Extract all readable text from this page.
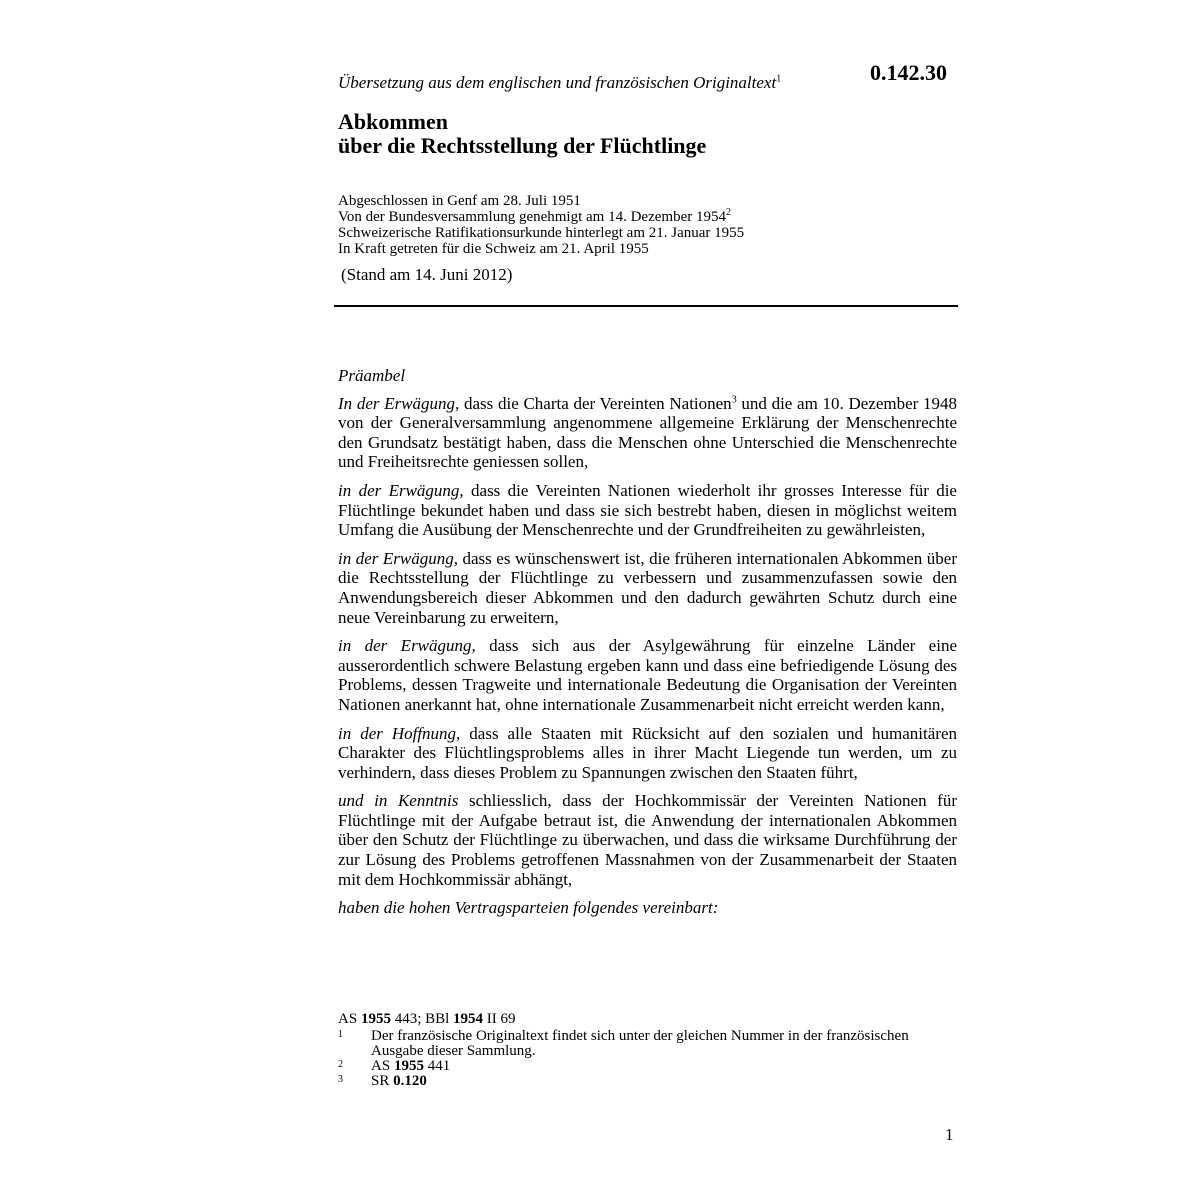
Übersetzung aus dem englischen und französischen Originaltext$^1$	0.142.30
Abkommen
über die Rechtsstellung der Flüchtlinge
Abgeschlossen in Genf am 28. Juli 1951
Von der Bundesversammlung genehmigt am 14. Dezember 1954$^2$
Schweizerische Ratifikationsurkunde hinterlegt am 21. Januar 1955
In Kraft getreten für die Schweiz am 21. April 1955
(Stand am 14. Juni 2012)

Präambel

In der Erwägung, dass die Charta der Vereinten Nationen$^3$ und die am 10. Dezember 1948 von der Generalversammlung angenommene allgemeine Erklärung der Menschenrechte den Grundsatz bestätigt haben, dass die Menschen ohne Unterschied die Menschenrechte und Freiheitsrechte geniessen sollen,

in der Erwägung, dass die Vereinten Nationen wiederholt ihr grosses Interesse für die Flüchtlinge bekundet haben und dass sie sich bestrebt haben, diesen in möglichst weitem Umfang die Ausübung der Menschenrechte und der Grundfreiheiten zu gewährleisten,

in der Erwägung, dass es wünschenswert ist, die früheren internationalen Abkommen über die Rechtsstellung der Flüchtlinge zu verbessern und zusammenzufassen sowie den Anwendungsbereich dieser Abkommen und den dadurch gewährten Schutz durch eine neue Vereinbarung zu erweitern,

in der Erwägung, dass sich aus der Asylgewährung für einzelne Länder eine ausserordentlich schwere Belastung ergeben kann und dass eine befriedigende Lösung des Problems, dessen Tragweite und internationale Bedeutung die Organisation der Vereinten Nationen anerkannt hat, ohne internationale Zusammenarbeit nicht erreicht werden kann,

in der Hoffnung, dass alle Staaten mit Rücksicht auf den sozialen und humanitären Charakter des Flüchtlingsproblems alles in ihrer Macht Liegende tun werden, um zu verhindern, dass dieses Problem zu Spannungen zwischen den Staaten führt,

und in Kenntnis schliesslich, dass der Hochkommissär der Vereinten Nationen für Flüchtlinge mit der Aufgabe betraut ist, die Anwendung der internationalen Abkommen über den Schutz der Flüchtlinge zu überwachen, und dass die wirksame Durchführung der zur Lösung des Problems getroffenen Massnahmen von der Zusammenarbeit der Staaten mit dem Hochkommissär abhängt,

haben die hohen Vertragsparteien folgendes vereinbart:

AS 1955 443; BBl 1954 II 69
1	Der französische Originaltext findet sich unter der gleichen Nummer in der französischen Ausgabe dieser Sammlung.
2	AS 1955 441
3	SR 0.120
1
